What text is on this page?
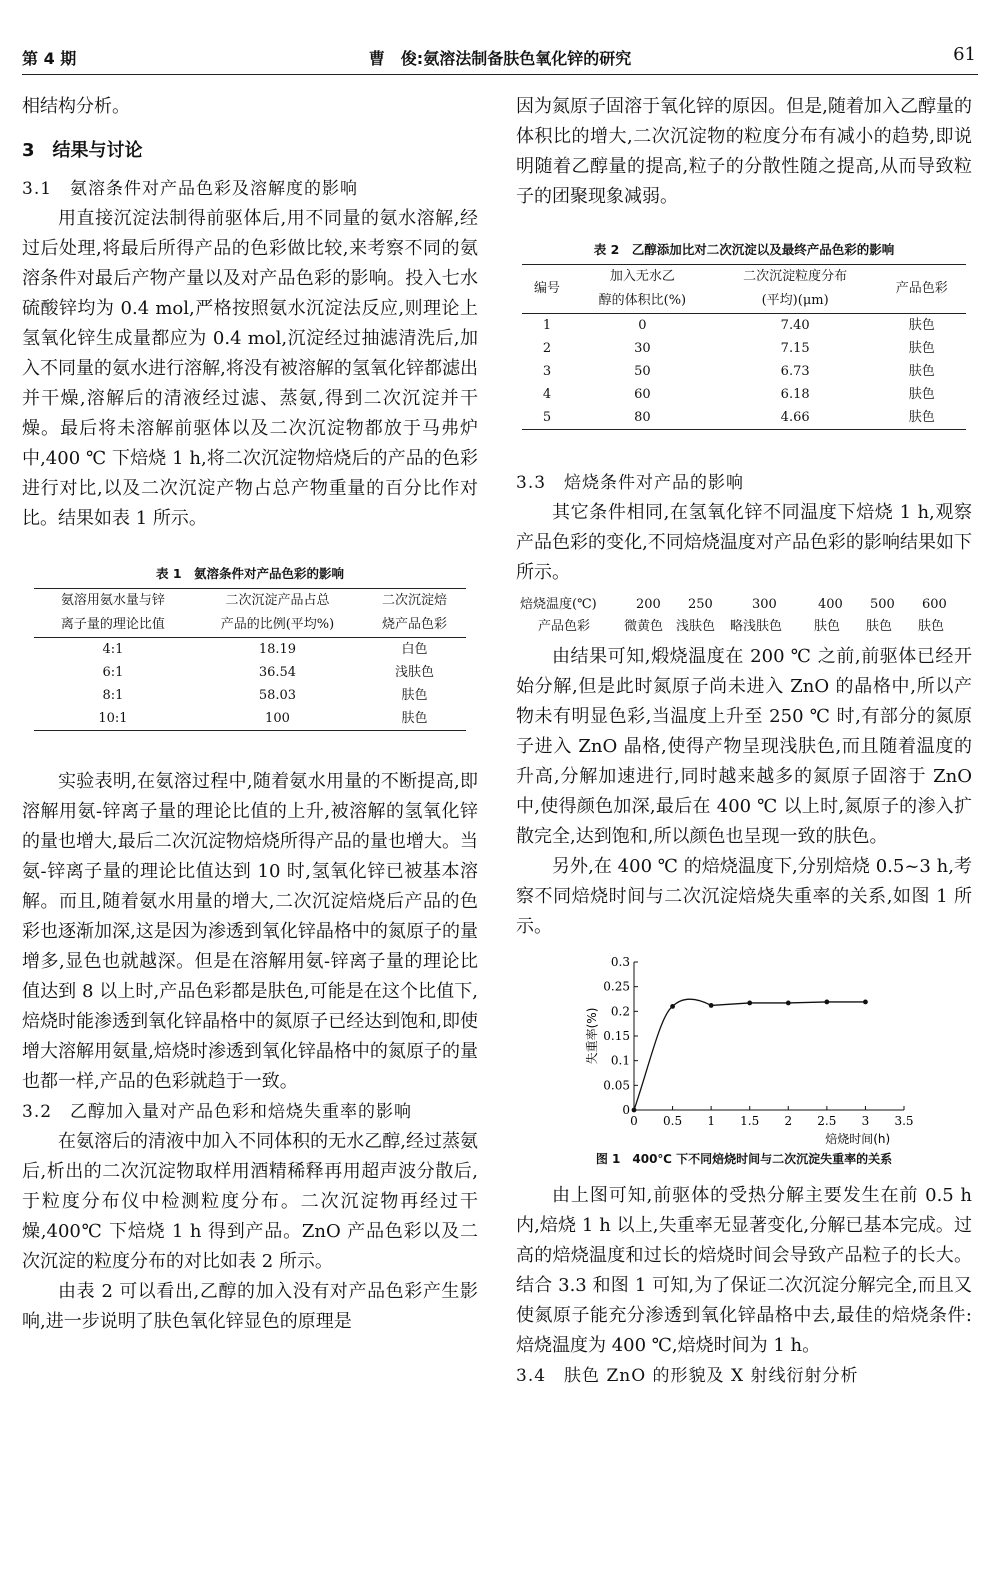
第 4 期	曹　俊:氨溶法制备肤色氧化锌的研究	61

相结构分析。

3　结果与讨论
3.1　氨溶条件对产品色彩及溶解度的影响

用直接沉淀法制得前驱体后,用不同量的氨水溶解,经过后处理,将最后所得产品的色彩做比较,来考察不同的氨溶条件对最后产物产量以及对产品色彩的影响。投入七水硫酸锌均为 0.4 mol,严格按照氨水沉淀法反应,则理论上氢氧化锌生成量都应为 0.4 mol,沉淀经过抽滤清洗后,加入不同量的氨水进行溶解,将没有被溶解的氢氧化锌都滤出并干燥,溶解后的清液经过滤、蒸氨,得到二次沉淀并干燥。最后将未溶解前驱体以及二次沉淀物都放于马弗炉中,400 ℃ 下焙烧 1 h,将二次沉淀物焙烧后的产品的色彩进行对比,以及二次沉淀产物占总产物重量的百分比作对比。结果如表 1 所示。

表 1　氨溶条件对产品色彩的影响
氨溶用氨水量与锌	二次沉淀产品占总	二次沉淀焙
离子量的理论比值	产品的比例(平均%)	烧产品色彩
4:1	18.19	白色
6:1	36.54	浅肤色
8:1	58.03	肤色
10:1	100	肤色

实验表明,在氨溶过程中,随着氨水用量的不断提高,即溶解用氨-锌离子量的理论比值的上升,被溶解的氢氧化锌的量也增大,最后二次沉淀物焙烧所得产品的量也增大。当氨-锌离子量的理论比值达到 10 时,氢氧化锌已被基本溶解。而且,随着氨水用量的增大,二次沉淀焙烧后产品的色彩也逐渐加深,这是因为渗透到氧化锌晶格中的氮原子的量增多,显色也就越深。但是在溶解用氨-锌离子量的理论比值达到 8 以上时,产品色彩都是肤色,可能是在这个比值下,焙烧时能渗透到氧化锌晶格中的氮原子已经达到饱和,即使增大溶解用氨量,焙烧时渗透到氧化锌晶格中的氮原子的量也都一样,产品的色彩就趋于一致。

3.2　乙醇加入量对产品色彩和焙烧失重率的影响

在氨溶后的清液中加入不同体积的无水乙醇,经过蒸氨后,析出的二次沉淀物取样用酒精稀释再用超声波分散后,于粒度分布仪中检测粒度分布。二次沉淀物再经过干燥,400℃ 下焙烧 1 h 得到产品。ZnO 产品色彩以及二次沉淀的粒度分布的对比如表 2 所示。

由表 2 可以看出,乙醇的加入没有对产品色彩产生影响,进一步说明了肤色氧化锌显色的原理是

因为氮原子固溶于氧化锌的原因。但是,随着加入乙醇量的体积比的增大,二次沉淀物的粒度分布有减小的趋势,即说明随着乙醇量的提高,粒子的分散性随之提高,从而导致粒子的团聚现象减弱。

表 2　乙醇添加比对二次沉淀以及最终产品色彩的影响
编号	加入无水乙	二次沉淀粒度分布	产品色彩
	醇的体积比(%)	(平均)(μm)	
1	0	7.40	肤色
2	30	7.15	肤色
3	50	6.73	肤色
4	60	6.18	肤色
5	80	4.66	肤色
3.3　焙烧条件对产品的影响

其它条件相同,在氢氧化锌不同温度下焙烧 1 h,观察产品色彩的变化,不同焙烧温度对产品色彩的影响结果如下所示。

焙烧温度(℃)	200 250	300	400 500 600
产品色彩	微黄色 浅肤色 略浅肤色 肤色 肤色 肤色

由结果可知,煅烧温度在 200 ℃ 之前,前驱体已经开始分解,但是此时氮原子尚未进入 ZnO 的晶格中,所以产物未有明显色彩,当温度上升至 250 ℃ 时,有部分的氮原子进入 ZnO 晶格,使得产物呈现浅肤色,而且随着温度的升高,分解加速进行,同时越来越多的氮原子固溶于 ZnO 中,使得颜色加深,最后在 400 ℃ 以上时,氮原子的渗入扩散完全,达到饱和,所以颜色也呈现一致的肤色。

另外,在 400 ℃ 的焙烧温度下,分别焙烧 0.5~3 h,考察不同焙烧时间与二次沉淀焙烧失重率的关系,如图 1 所示。

0 0.5 1 1.5 2 2.5 3 3.5
0
0.05
0.1
0.15
0.2
0.25
0.3
焙烧时间(h)
失重率(%)
图 1　400℃ 下不同焙烧时间与二次沉淀失重率的关系

由上图可知,前驱体的受热分解主要发生在前 0.5 h 内,焙烧 1 h 以上,失重率无显著变化,分解已基本完成。过高的焙烧温度和过长的焙烧时间会导致产品粒子的长大。结合 3.3 和图 1 可知,为了保证二次沉淀分解完全,而且又使氮原子能充分渗透到氧化锌晶格中去,最佳的焙烧条件:焙烧温度为 400 ℃,焙烧时间为 1 h。

3.4　肤色 ZnO 的形貌及 X 射线衍射分析
